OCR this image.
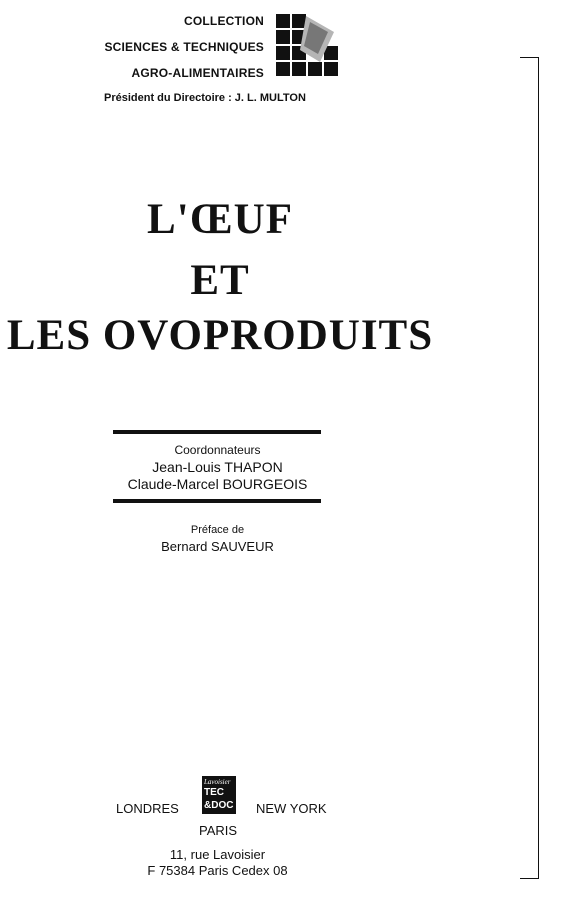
COLLECTION
SCIENCES & TECHNIQUES
AGRO-ALIMENTAIRES
Président du Directoire : J. L. MULTON
L'ŒUF
ET
LES OVOPRODUITS
Coordonnateurs
Jean-Louis THAPON
Claude-Marcel BOURGEOIS
Préface de
Bernard SAUVEUR
Lavoisier
TEC
&DOC
LONDRES	NEW YORK
PARIS
11, rue Lavoisier
F 75384 Paris Cedex 08
